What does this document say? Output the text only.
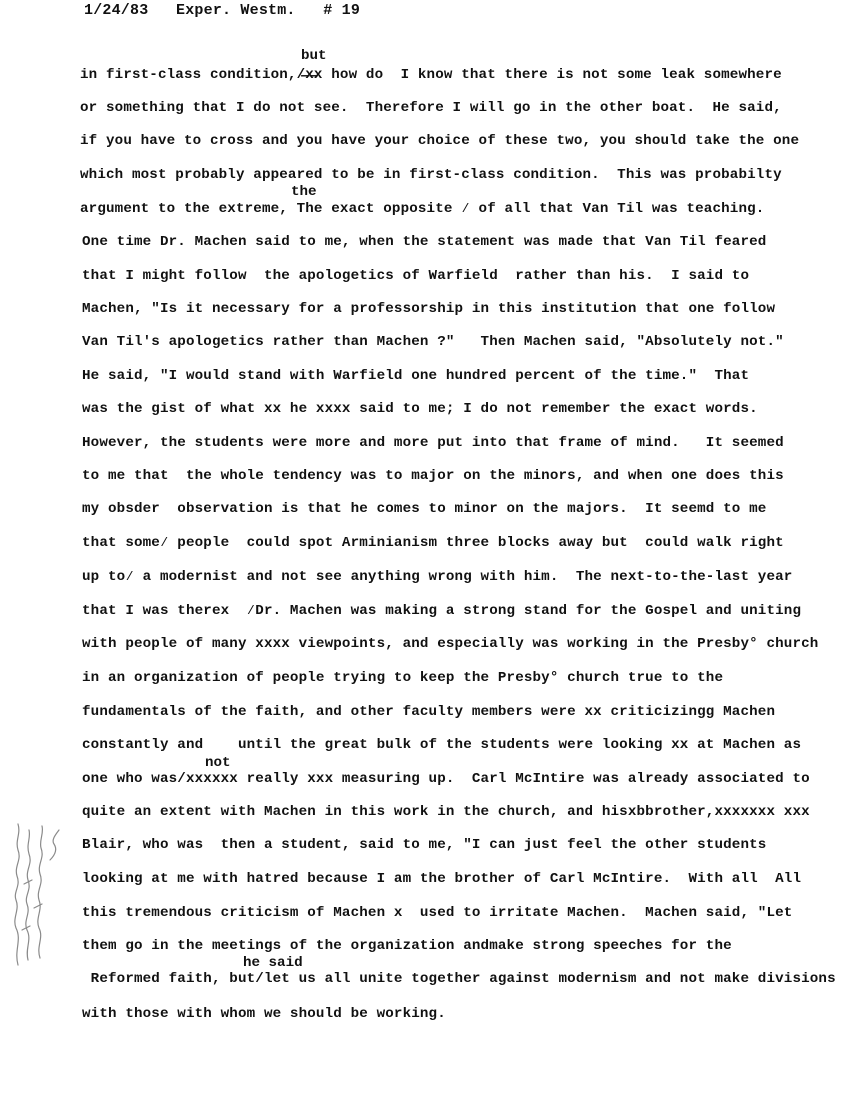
1/24/83   Exper. Westm.   # 19
but
the
not
he said
in first-class condition,/̶x̶x how do  I know that there is not some leak somewhere
or something that I do not see.  Therefore I will go in the other boat.  He said,
if you have to cross and you have your choice of these two, you should take the one
which most probably appeared to be in first-class condition.  This was probabilty
argument to the extreme, The exact opposite ⁄ of all that Van Til was teaching.
One time Dr. Machen said to me, when the statement was made that Van Til feared
that I might follow  the apologetics of Warfield  rather than his.  I said to
Machen, "Is it necessary for a professorship in this institution that one follow
Van Til's apologetics rather than Machen ?"   Then Machen said, "Absolutely not."
He said, "I would stand with Warfield one hundred percent of the time."  That
was the gist of what xx he xxxx said to me; I do not remember the exact words.
However, the students were more and more put into that frame of mind.   It seemed
to me that  the whole tendency was to major on the minors, and when one does this
my obsder  observation is that he comes to minor on the majors.  It seemd to me
that some⁄ people  could spot Arminianism three blocks away but  could walk right
up to⁄ a modernist and not see anything wrong with him.  The next-to-the-last year
that I was therex  ⁄Dr. Machen was making a strong stand for the Gospel and uniting
with people of many xxxx viewpoints, and especially was working in the Presby° church
in an organization of people trying to keep the Presby° church true to the
fundamentals of the faith, and other faculty members were xx criticizingg Machen
constantly and    until the great bulk of the students were looking xx at Machen as
one who was/xxxxxx really xxx measuring up.  Carl McIntire was already associated to
quite an extent with Machen in this work in the church, and hisxbbrother,xxxxxxx xxx
Blair, who was  then a student, said to me, "I can just feel the other students
looking at me with hatred because I am the brother of Carl McIntire.  With all  All
this tremendous criticism of Machen x  used to irritate Machen.  Machen said, "Let
them go in the meetings of the organization andmake strong speeches for the
Reformed faith, but/let us all unite together against modernism and not make divisions
with those with whom we should be working.
